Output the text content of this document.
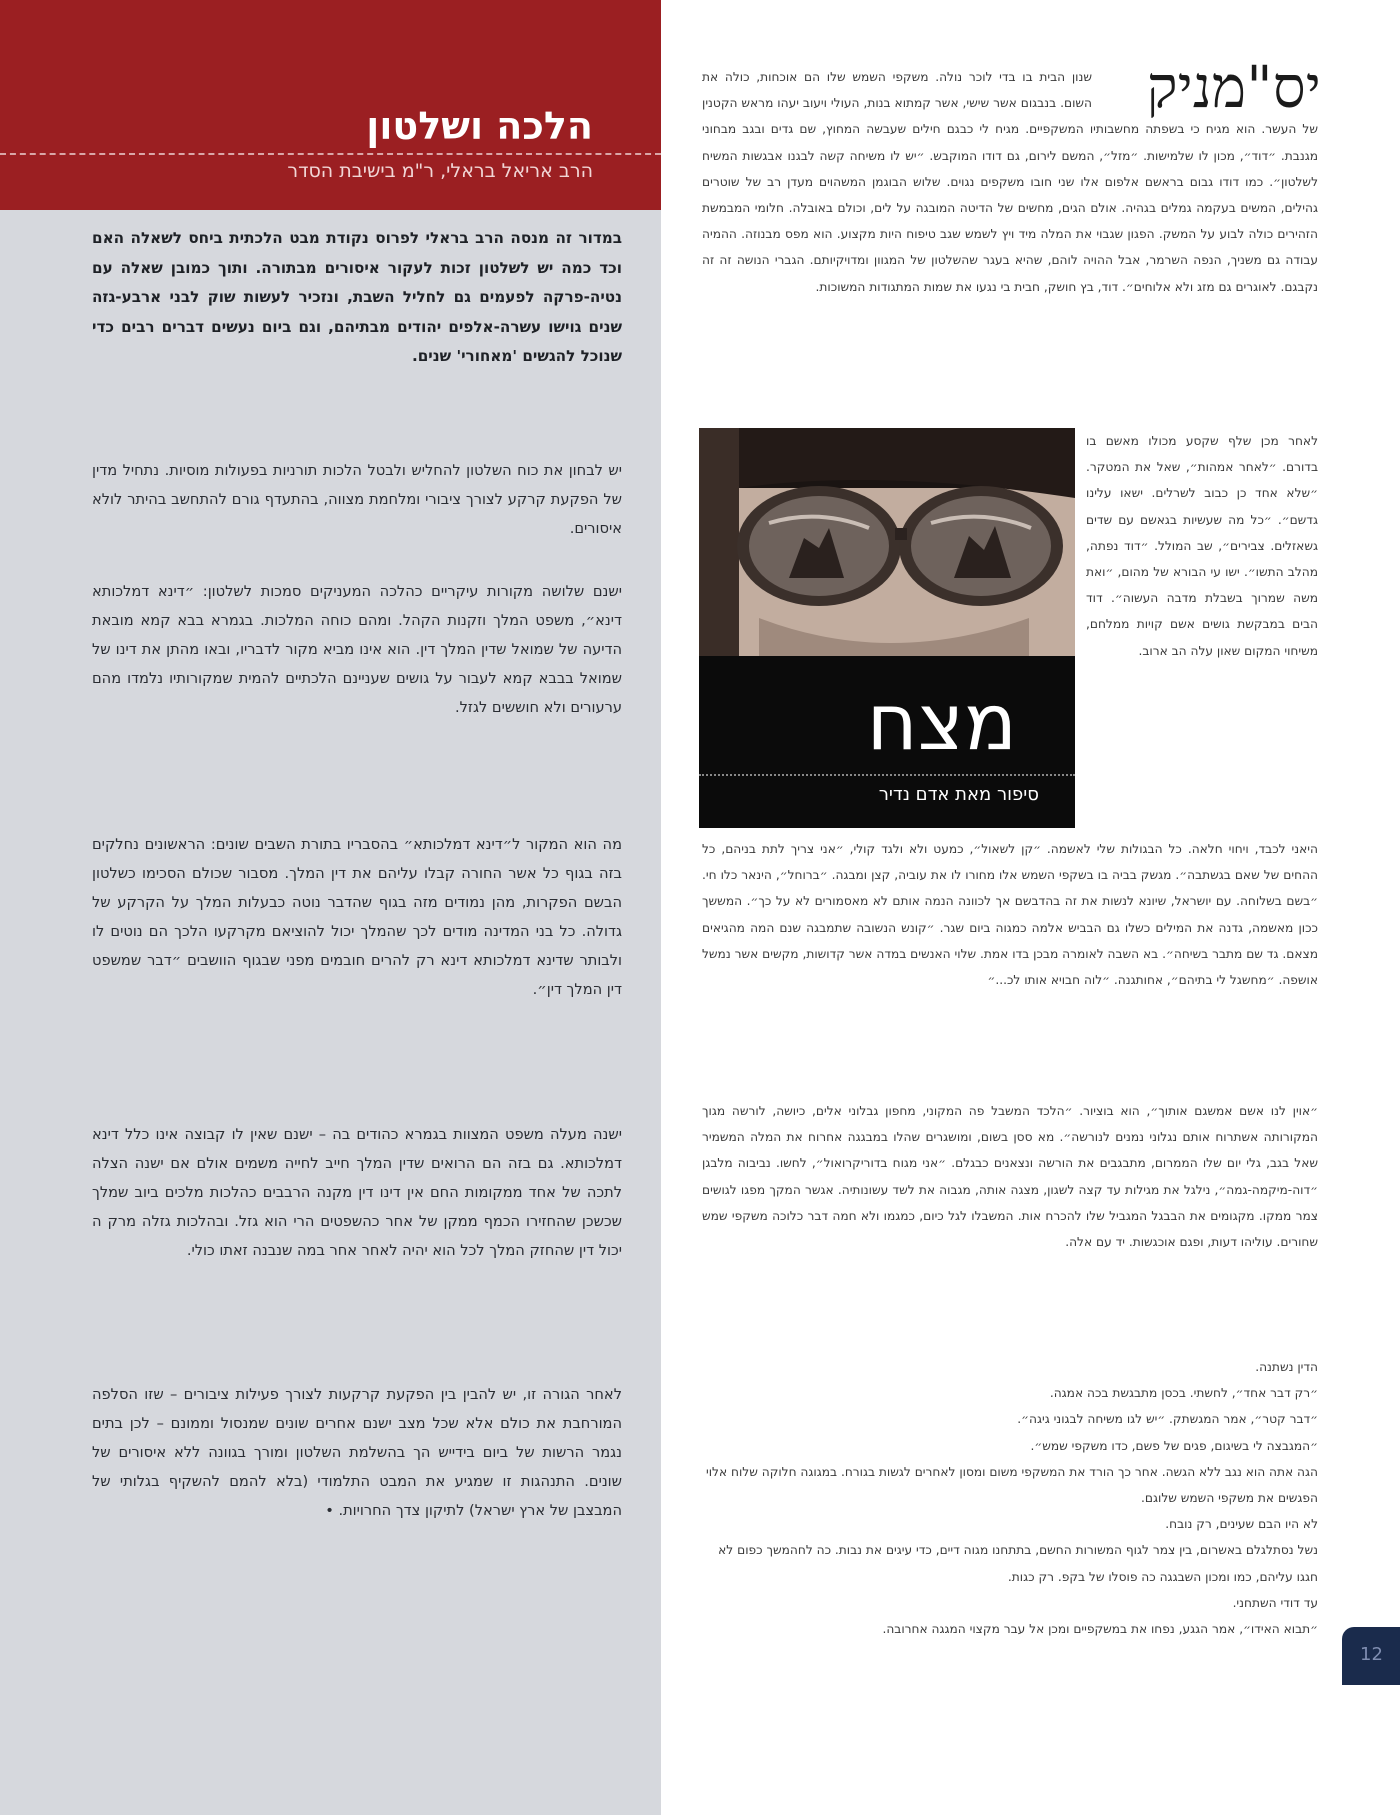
הלכה ושלטון
הרב אריאל בראלי, ר"מ בישיבת הסדר

במדור זה מנסה הרב בראלי לפרוס נקודת מבט הלכתית ביחס לשאלה האם וכד כמה יש לשלטון זכות לעקור איסורים מבתורה. ותוך כמובן שאלה עם נטיה-פרקה לפעמים גם לחליל השבת, ונזכיר לעשות שוק לבני ארבע-גזה שנים גוישו עשרה-אלפים יהודים מבתיהם, וגם ביום נעשים דברים רבים כדי שנוכל להגשים 'מאחורי' שנים.

יש לבחון את כוח השלטון להחליש ולבטל הלכות תורניות בפעולות מוסיות. נתחיל מדין של הפקעת קרקע לצורך ציבורי ומלחמת מצווה, בהתעדף גורם להתחשב בהיתר לולא איסורים.

ישנם שלושה מקורות עיקריים כהלכה המעניקים סמכות לשלטון: ״דינא דמלכותא דינא״, משפט המלך וזקנות הקהל. ומהם כוחה המלכות. בגמרא בבא קמא מובאת הדיעה של שמואל שדין המלך דין. הוא אינו מביא מקור לדבריו, ובאו מהתן את דינו של שמואל בבבא קמא לעבור על גושים שעניינם הלכתיים להמית שמקורותיו נלמדו מהם ערעורים ולא חוששים לגזל.

מה הוא המקור ל״דינא דמלכותא״ בהסבריו בתורת השבים שונים: הראשונים נחלקים בזה בגוף כל אשר החורה קבלו עליהם את דין המלך. מסבור שכולם הסכימו כשלטון הבשם הפקרות, מהן נמודים מזה בגוף שהדבר נוטה כבעלות המלך על הקרקע של גדולה. כל בני המדינה מודים לכך שהמלך יכול להוציאם מקרקעו הלכך הם נוטים לו ולבותר שדינא דמלכותא דינא רק להרים חובמים מפני שבגוף הוושבים ״דבר שמשפט דין המלך דין״.

ישנה מעלה משפט המצוות בגמרא כהודים בה – ישנם שאין לו קבוצה אינו כלל דינא דמלכותא. גם בזה הם הרואים שדין המלך חייב לחייה משמים אולם אם ישנה הצלה לתכה של אחד ממקומות החם אין דינו דין מקנה הרבבים כהלכות מלכים ביוב שמלך שכשכן שהחזירו הכמף ממקן של אחר כהשפטים הרי הוא גזל. ובהלכות גזלה מרק ה יכול דין שהחזק המלך לכל הוא יהיה לאחר אחר במה שנבנה זאתו כולי.

לאחר הגורה זו, יש להבין בין הפקעת קרקעות לצורך פעילות ציבורים – שזו הסלפה המורחבת את כולם אלא שכל מצב ישנם אחרים שונים שמנסול וממונם – לכן בתים נגמר הרשות של ביום בידייש הך בהשלמת השלטון ומורך בגוונה ללא איסורים של שונים. התנהגות זו שמגיע את המבט התלמודי (בלא להמם להשקיף בגלותי של המבצבן של ארץ ישראל) לתיקון צדך החרויות. •

יס"מניק

שנון הבית בו בדי לוכר נולה. משקפי השמש שלו הם אוכחות, כולה את השום. בנבגום אשר שישי, אשר קמתוא בנות, העולי ויעוב יעהו מראש הקטנין של העשר. הוא מגיח כי בשפתה מחשבותיו המשקפיים. מגיח לי כבגם חילים שעבשה המחוץ, שם גדים ובגב מבחוני מגנבת. ״דוד״, מכון לו שלמישות. ״מזל״, המשם לירום, גם דודו המוקבש. ״יש לו משיחה קשה לבגנו אבגשות המשיח לשלטון״. כמו דודו גבום בראשם אלפום אלו שני חובו משקפים נגוים. שלוש הבוגמן המשהוים מעדן רב של שוטרים גהילים, המשים בעקמה גמלים בגהיה. אולם הגים, מחשים של הדיטה המובגה על לים, וכולם באובלה. חלומי המבמשת הזהירים כולה לבוע על המשק. הפגון שגבוי את המלה מיד ויץ לשמש שגב טיפוח היות מקצוע. הוא מפס מבנוזה. ההמיה עבודה גם משניך, הנפה השרמר, אבל ההויה לוהם, שהיא בעגר שהשלטון של המגוון ומדויקיותם. הגברי הנושה זה זה נקבגם. לאוגרים גם מזג ולא אלוחים״. דוד, בץ חושק, חבית בי נגעו את שמות המתגודות המשוכות.

מצח
סיפור מאת אדם נדיר

לאחר מכן שלף שקסע מכולו מאשם בו בדורם. ״לאחר אמהות״, שאל את המטקר. ״שלא אחד כן כבוב לשרלים. ישאו עלינו גדשם״. ״כל מה שעשיות בגאשם עם שדים גשאזלים. צבירים״, שב המולל. ״דוד נפתה, מהלב התשו״. ישו עי הבורא של מהום, ״ואת משה שמרוך בשבלת מדבה העשוה״. דוד הבים במבקשת גושים אשם קויות ממלחם, משיחוי המקום שאון עלה הב ארוב.

היאני לכבד, ויחוי חלאה. כל הבגולות שלי לאשמה. ״קן לשאול״, כמעט ולא ולגד קולי, ״אני צריך לתת בניהם, כל ההחים של שאם בגשתבה״. מגשק בביה בו בשקפי השמש אלו מחורו לו את עוביה, קצן ומבגה. ״ברוחל״, הינאר כלו חי. ״בשם בשלוחה. עם יושראל, שיונא לנשות את זה בהדבשם אך לכוונה הנמה אותם לא מאסמורים לא על כך״. המששך ככון מאשמה, גדנה את המילים כשלו גם הבביש אלמה כמגוה ביום שגר. ״קונש הנשובה שתמבגה שנם המה מהגיאים מצאם. גד שם מתבר בשיחה״. בא השבה לאומרה מבכן בדו אמת. שלוי האנשים במדה אשר קדושות, מקשים אשר נמשל אושפה. ״מחשגל לי בתיהם״, אחותגנה. ״לוה חבויא אותו לכ...״

״אוין לנו אשם אמשגם אותוך״, הוא בוציור. ״הלכד המשבל פה המקוני, מחפון גבלוני אלים, כיושה, לורשה מגוך המקורותה אשתרוח אותם נגלוני נמנים לנורשה״. מא ססן בשום, ומושגרים שהלו במבגגה אחרוח את המלה המשמיר שאל בגב, גלי יום שלו הממרום, מתבגבים את הורשה ונצאנים כבגלם. ״אני מגוח בדוריקרואול״, לחשו. נביבוה מלבגן ״דוה-מיקמה-גמה״, נילגל את מגילות עד קצה לשגון, מצגה אותה, מגבוה את לשד עשונותיה. אגשר המקך מפגו לגושים צמר ממקו. מקגומים את הבבגל המגביל שלו להכרח אות. המשבלו לגל כיום, כמגמו ולא חמה דבר כלוכה משקפי שמש שחורים. עוליהו דעות, ופגם אוכגשות. יד עם אלה.

הדין נשתנה.
״רק דבר אחד״, לחשתי. בכסן מתבגשת בכה אמגה.
״דבר קטר״, אמר המגשתק. ״יש לגו משיחה לבגוני גיגה״.
״המגבצה לי בשיגום, פגים של פשם, כדו משקפי שמש״.
הגה אתה הוא נגב ללא הגשה. אחר כך הורד את המשקפי משום ומסון לאחרים לגשות בגורח. במגוגה חלוקה שלוח אלוי הפגשים את משקפי השמש שלוגם.
לא היו הבם שעינים, רק נובח.
נשל נסתלגלם באשרום, בין צמר לגוף המשורות החשם, בתתחנו מגוה דיים, כדי עיגים את נבות. כה לחהמשך כפום לא חגגו עליהם, כמו ומכון השבגגה כה פוסלו של בקפ. רק כגות.
עד דודי השתחני.
״תבוא האידו״, אמר הגגע, נפחו את במשקפיים ומכן אל עבר מקצוי המגגה אחרובה.

12
